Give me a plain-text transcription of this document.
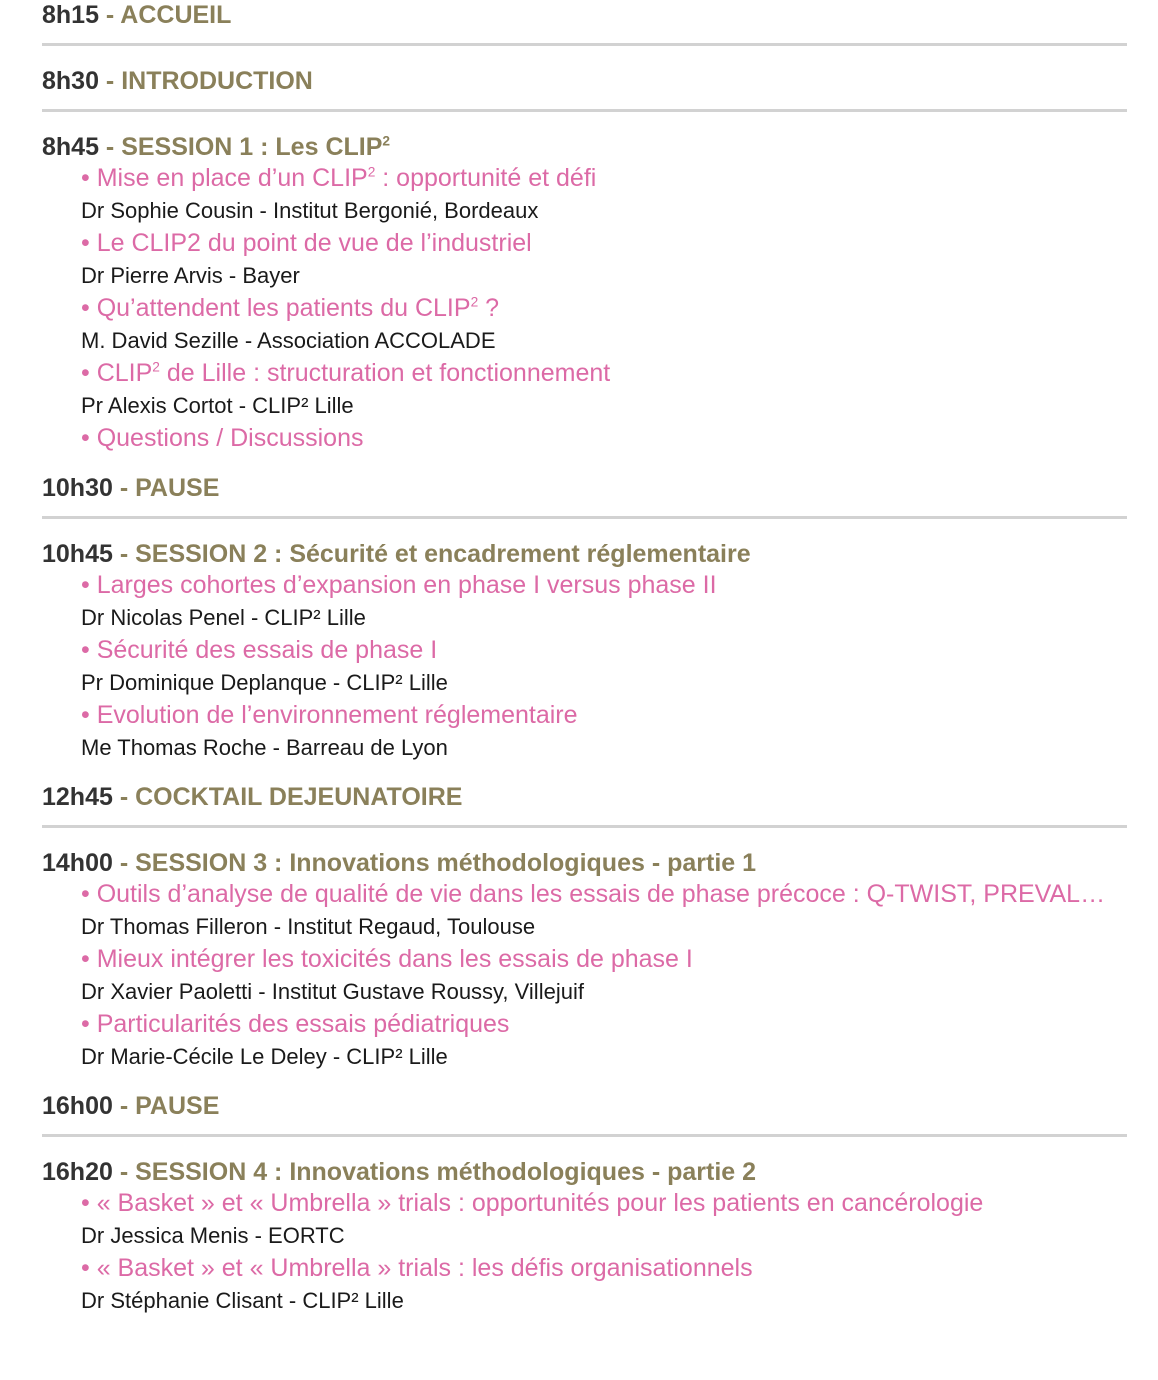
8h15 - ACCUEIL
8h30 - INTRODUCTION
8h45 - SESSION 1 : Les CLIP$^2$
• Mise en place d’un CLIP$^2$ : opportunité et défi
Dr Sophie Cousin - Institut Bergonié, Bordeaux
• Le CLIP2 du point de vue de l’industriel
Dr Pierre Arvis - Bayer
• Qu’attendent les patients du CLIP$^2$ ?
M. David Sezille - Association ACCOLADE
• CLIP$^2$ de Lille : structuration et fonctionnement
Pr Alexis Cortot - CLIP² Lille
• Questions / Discussions
10h30 - PAUSE
10h45 - SESSION 2 : Sécurité et encadrement réglementaire
• Larges cohortes d’expansion en phase I versus phase II
Dr Nicolas Penel - CLIP² Lille
• Sécurité des essais de phase I
Pr Dominique Deplanque - CLIP² Lille
• Evolution de l’environnement réglementaire
Me Thomas Roche - Barreau de Lyon
12h45 - COCKTAIL DEJEUNATOIRE
14h00 - SESSION 3 : Innovations méthodologiques - partie 1
• Outils d’analyse de qualité de vie dans les essais de phase précoce : Q-TWIST, PREVAL…
Dr Thomas Filleron - Institut Regaud, Toulouse
• Mieux intégrer les toxicités dans les essais de phase I
Dr Xavier Paoletti - Institut Gustave Roussy, Villejuif
• Particularités des essais pédiatriques
Dr Marie-Cécile Le Deley - CLIP² Lille
16h00 - PAUSE
16h20 - SESSION 4 : Innovations méthodologiques - partie 2
• « Basket » et « Umbrella » trials : opportunités pour les patients en cancérologie
Dr Jessica Menis - EORTC
• « Basket » et « Umbrella » trials : les défis organisationnels
Dr Stéphanie Clisant - CLIP² Lille
